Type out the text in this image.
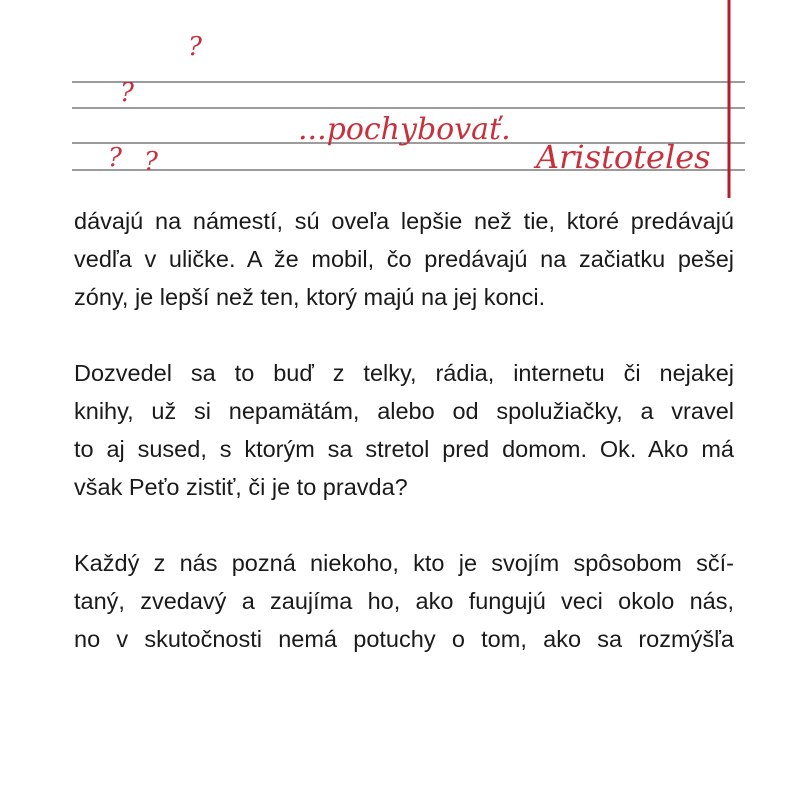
...pochybovať.
Aristoteles
?
?
? ?

dávajú na námestí, sú oveľa lepšie než tie, ktoré predávajú
vedľa v uličke. A že mobil, čo predávajú na začiatku pešej
zóny, je lepší než ten, ktorý majú na jej konci.

Dozvedel sa to buď z telky, rádia, internetu či nejakej
knihy, už si nepamätám, alebo od spolužiačky, a vravel
to aj sused, s ktorým sa stretol pred domom. Ok. Ako má
však Peťo zistiť, či je to pravda?

Každý z nás pozná niekoho, kto je svojím spôsobom sčí-
taný, zvedavý a zaujíma ho, ako fungujú veci okolo nás,
no v skutočnosti nemá potuchy o tom, ako sa rozmýšľa
